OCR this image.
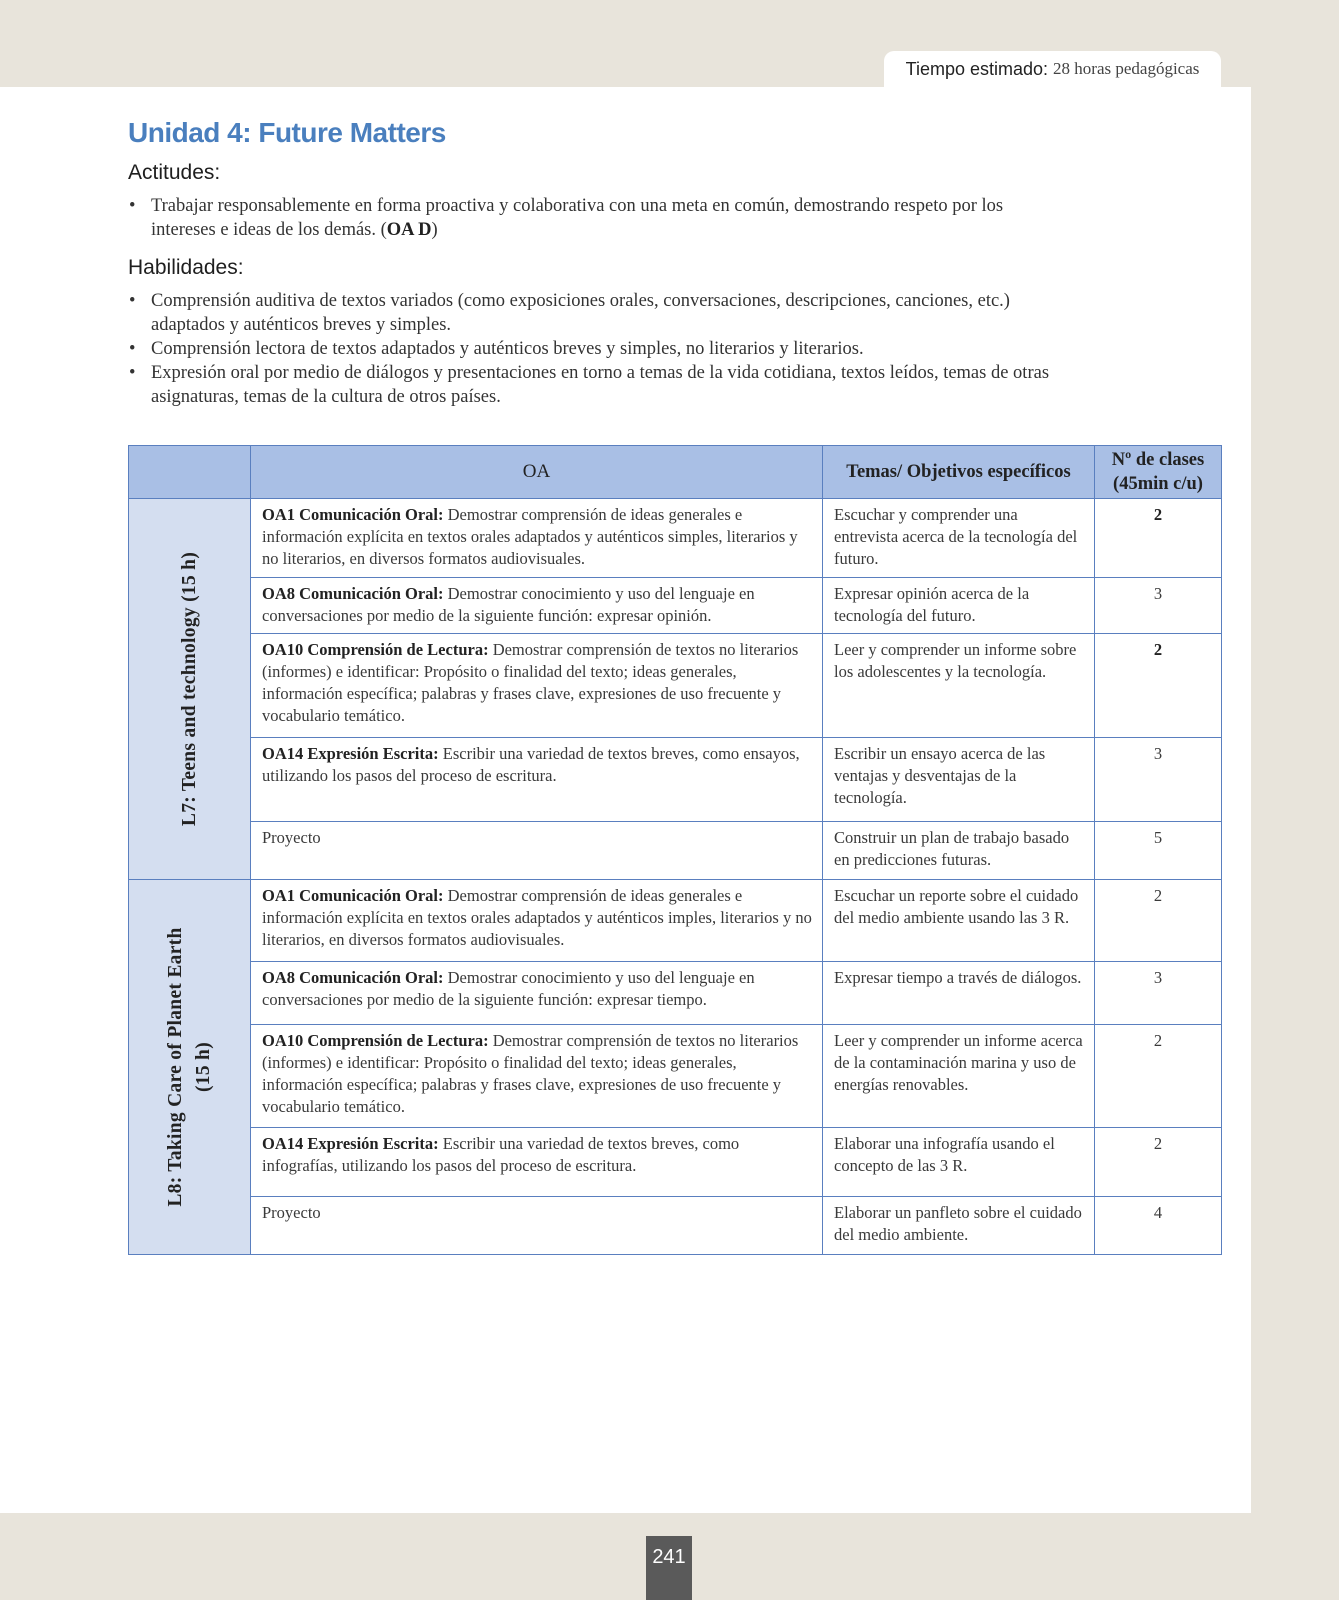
Tiempo estimado: 28 horas pedagógicas
Unidad 4: Future Matters
Actitudes:
• Trabajar responsablemente en forma proactiva y colaborativa con una meta en común, demostrando respeto por los intereses e ideas de los demás. (OA D)
Habilidades:
• Comprensión auditiva de textos variados (como exposiciones orales, conversaciones, descripciones, canciones, etc.) adaptados y auténticos breves y simples.
• Comprensión lectora de textos adaptados y auténticos breves y simples, no literarios y literarios.
• Expresión oral por medio de diálogos y presentaciones en torno a temas de la vida cotidiana, textos leídos, temas de otras asignaturas, temas de la cultura de otros países.
	OA	Temas/ Objetivos específicos	Nº de clases (45min c/u)

L7: Teens and technology (15 h)	OA1 Comunicación Oral: Demostrar comprensión de ideas generales e información explícita en textos orales adaptados y auténticos simples, literarios y no literarios, en diversos formatos audiovisuales.	Escuchar y comprender una entrevista acerca de la tecnología del futuro.	2
	OA8 Comunicación Oral: Demostrar conocimiento y uso del lenguaje en conversaciones por medio de la siguiente función: expresar opinión.	Expresar opinión acerca de la tecnología del futuro.	3
	OA10 Comprensión de Lectura: Demostrar comprensión de textos no literarios (informes) e identificar: Propósito o finalidad del texto; ideas generales, información específica; palabras y frases clave, expresiones de uso frecuente y vocabulario temático.	Leer y comprender un informe sobre los adolescentes y la tecnología.	2
	OA14 Expresión Escrita: Escribir una variedad de textos breves, como ensayos, utilizando los pasos del proceso de escritura.	Escribir un ensayo acerca de las ventajas y desventajas de la tecnología.	3
	Proyecto	Construir un plan de trabajo basado en predicciones futuras.	5

L8: Taking Care of Planet Earth (15 h)	OA1 Comunicación Oral: Demostrar comprensión de ideas generales e información explícita en textos orales adaptados y auténticos imples, literarios y no literarios, en diversos formatos audiovisuales.	Escuchar un reporte sobre el cuidado del medio ambiente usando las 3 R.	2
	OA8 Comunicación Oral: Demostrar conocimiento y uso del lenguaje en conversaciones por medio de la siguiente función: expresar tiempo.	Expresar tiempo a través de diálogos.	3
	OA10 Comprensión de Lectura: Demostrar comprensión de textos no literarios (informes) e identificar: Propósito o finalidad del texto; ideas generales, información específica; palabras y frases clave, expresiones de uso frecuente y vocabulario temático.	Leer y comprender un informe acerca de la contaminación marina y uso de energías renovables.	2
	OA14 Expresión Escrita: Escribir una variedad de textos breves, como infografías, utilizando los pasos del proceso de escritura.	Elaborar una infografía usando el concepto de las 3 R.	2
	Proyecto	Elaborar un panfleto sobre el cuidado del medio ambiente.	4
241
